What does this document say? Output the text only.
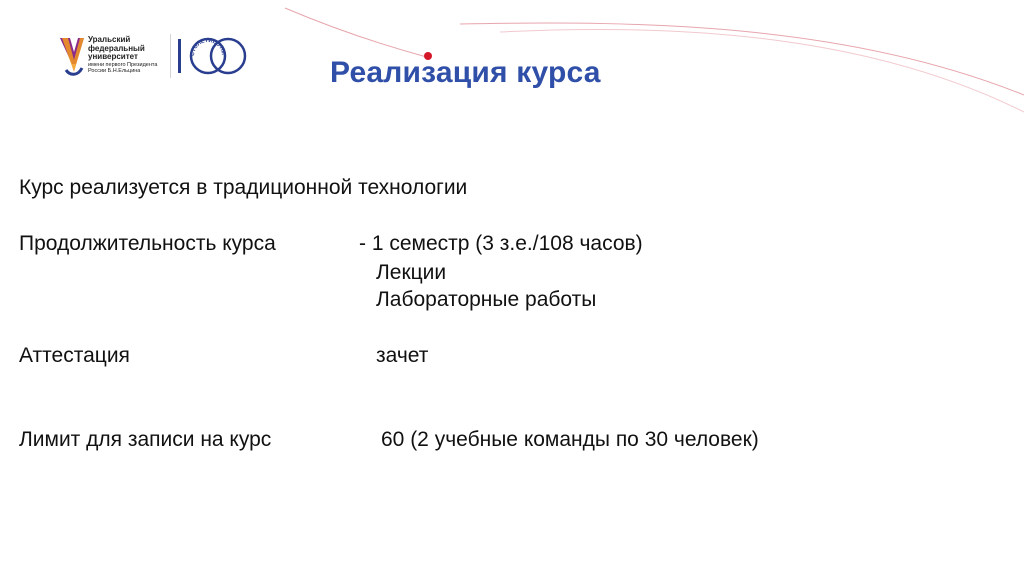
Уральский
федеральный
университет
имени первого Президента
России Б.Н.Ельцина
СТОЛЕТИЕ УНИ
Реализация курса
Курс реализуется в традиционной технологии
Продолжительность курса	- 1 семестр (3 з.е./108 часов)
Лекции
Лабораторные работы
Аттестация	зачет
Лимит для записи на курс	60 (2 учебные команды по 30 человек)
